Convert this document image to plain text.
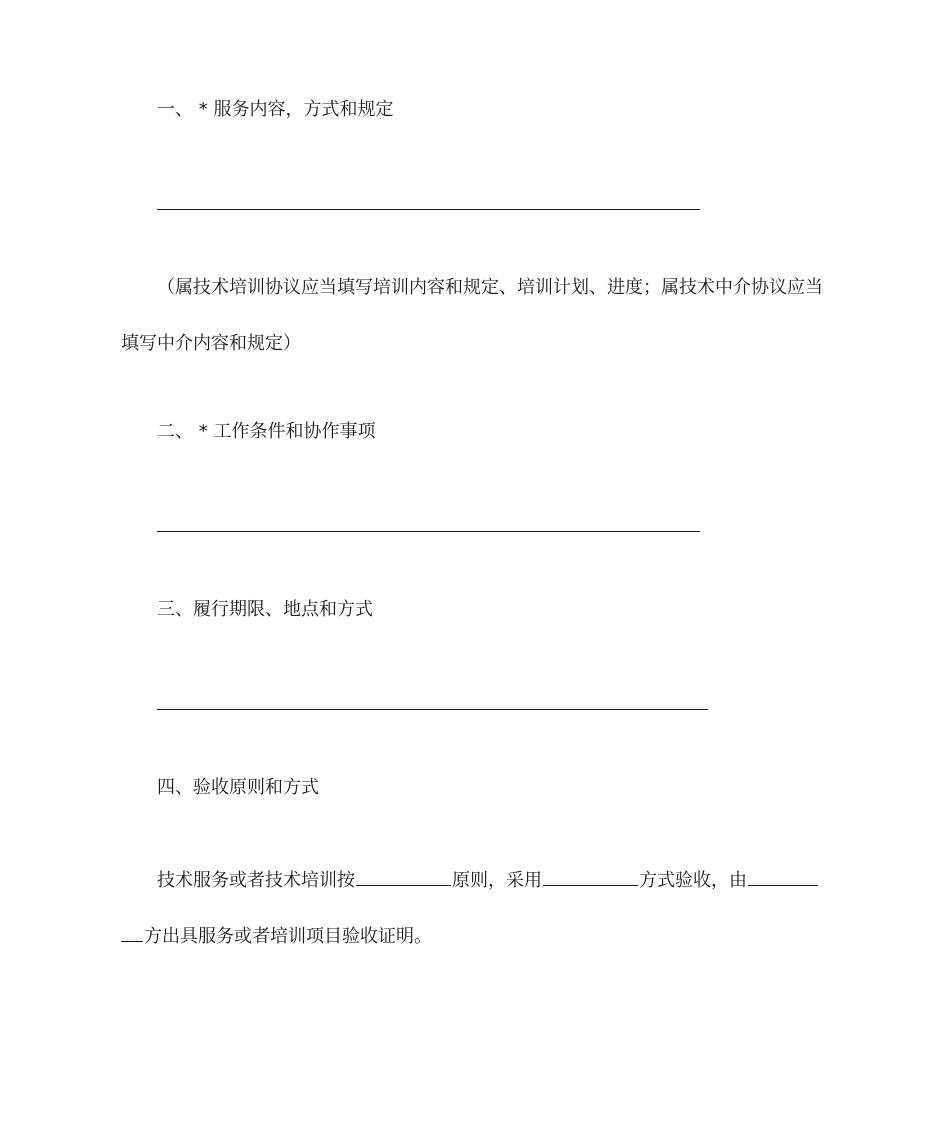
一、 * 服务内容，方式和规定
（属技术培训协议应当填写培训内容和规定、培训计划、进度；属技术中介协议应当
填写中介内容和规定）
二、 * 工作条件和协作事项
三、履行期限、地点和方式
四、验收原则和方式
技术服务或者技术培训按	原则，采用	方式验收，由
方出具服务或者培训项目验收证明。
